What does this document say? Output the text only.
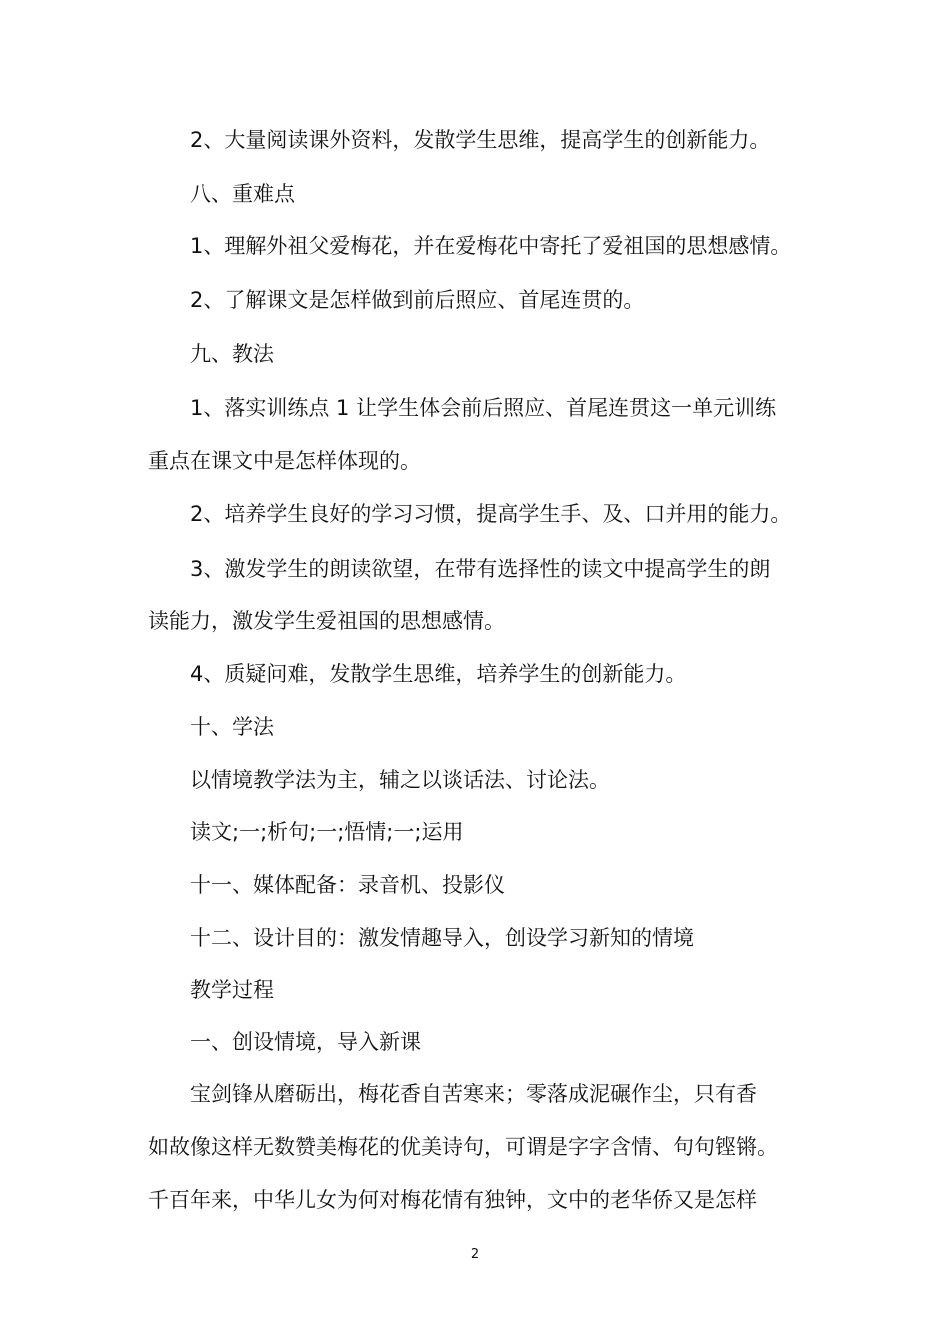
2、大量阅读课外资料，发散学生思维，提高学生的创新能力。

八、重难点

1、理解外祖父爱梅花，并在爱梅花中寄托了爱祖国的思想感情。

2、了解课文是怎样做到前后照应、首尾连贯的。

九、教法

1、落实训练点 1 让学生体会前后照应、首尾连贯这一单元训练

重点在课文中是怎样体现的。

2、培养学生良好的学习习惯，提高学生手、及、口并用的能力。

3、激发学生的朗读欲望，在带有选择性的读文中提高学生的朗

读能力，激发学生爱祖国的思想感情。

4、质疑问难，发散学生思维，培养学生的创新能力。

十、学法

以情境教学法为主，辅之以谈话法、讨论法。

读文;一;析句;一;悟情;一;运用

十一、媒体配备：录音机、投影仪

十二、设计目的：激发情趣导入，创设学习新知的情境

教学过程

一、创设情境，导入新课

宝剑锋从磨砺出，梅花香自苦寒来；零落成泥碾作尘，只有香

如故像这样无数赞美梅花的优美诗句，可谓是字字含情、句句铿锵。

千百年来，中华儿女为何对梅花情有独钟，文中的老华侨又是怎样

2
